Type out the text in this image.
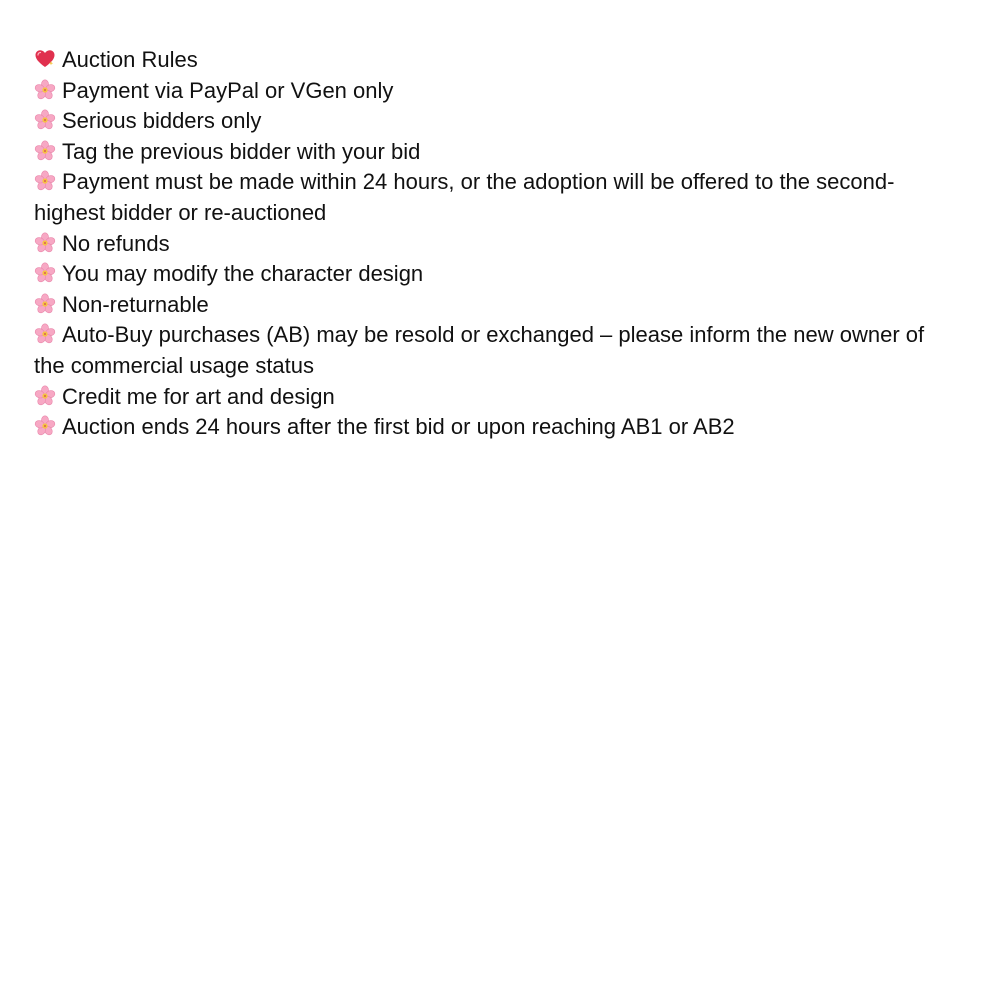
Auction Rules
Payment via PayPal or VGen only
Serious bidders only
Tag the previous bidder with your bid
Payment must be made within 24 hours, or the adoption will be offered to the second-highest bidder or re-auctioned
No refunds
You may modify the character design
Non-returnable
Auto-Buy purchases (AB) may be resold or exchanged – please inform the new owner of the commercial usage status
Credit me for art and design
Auction ends 24 hours after the first bid or upon reaching AB1 or AB2
